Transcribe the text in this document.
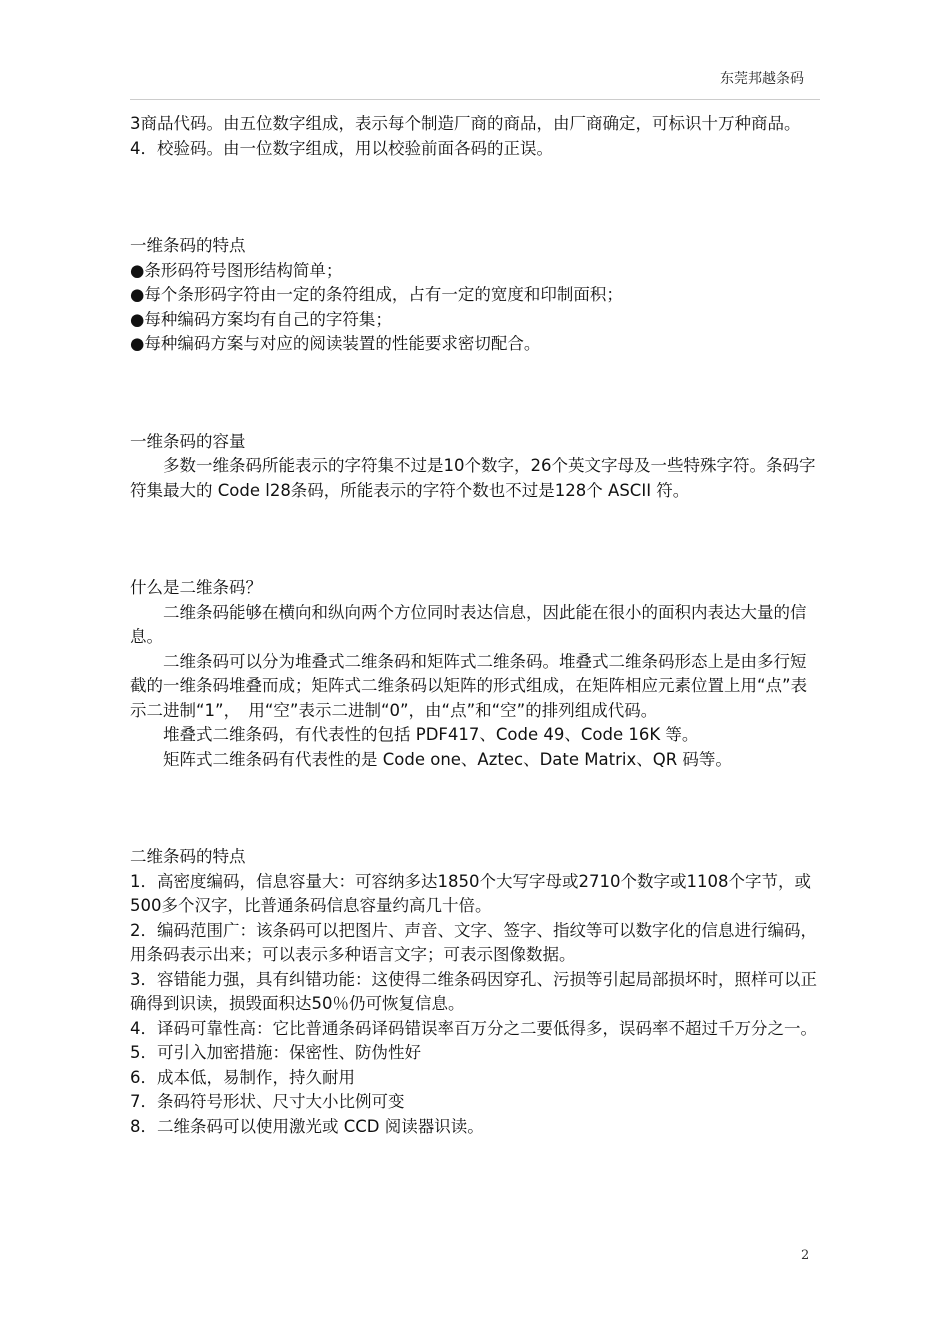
东莞邦越条码

3商品代码。由五位数字组成，表示每个制造厂商的商品，由厂商确定，可标识十万种商品。

4．校验码。由一位数字组成，用以校验前面各码的正误。

一维条码的特点

●条形码符号图形结构简单；

●每个条形码字符由一定的条符组成，占有一定的宽度和印制面积；

●每种编码方案均有自己的字符集；

●每种编码方案与对应的阅读装置的性能要求密切配合。

一维条码的容量

多数一维条码所能表示的字符集不过是10个数字，26个英文字母及一些特殊字符。条码字符集最大的 Code l28条码，所能表示的字符个数也不过是128个 ASCII 符。

什么是二维条码？

二维条码能够在横向和纵向两个方位同时表达信息，因此能在很小的面积内表达大量的信息。

二维条码可以分为堆叠式二维条码和矩阵式二维条码。堆叠式二维条码形态上是由多行短截的一维条码堆叠而成；矩阵式二维条码以矩阵的形式组成，在矩阵相应元素位置上用“点”表示二进制“1”，　用“空”表示二进制“0”，由“点”和“空”的排列组成代码。

堆叠式二维条码，有代表性的包括 PDF417、Code 49、Code 16K 等。

矩阵式二维条码有代表性的是 Code one、Aztec、Date Matrix、QR 码等。

二维条码的特点

1．高密度编码，信息容量大：可容纳多达1850个大写字母或2710个数字或1108个字节，或500多个汉字，比普通条码信息容量约高几十倍。

2．编码范围广：该条码可以把图片、声音、文字、签字、指纹等可以数字化的信息进行编码，用条码表示出来；可以表示多种语言文字；可表示图像数据。

3．容错能力强，具有纠错功能：这使得二维条码因穿孔、污损等引起局部损坏时，照样可以正确得到识读，损毁面积达50％仍可恢复信息。

4．译码可靠性高：它比普通条码译码错误率百万分之二要低得多，误码率不超过千万分之一。

5．可引入加密措施：保密性、防伪性好

6．成本低，易制作，持久耐用

7．条码符号形状、尺寸大小比例可变

8．二维条码可以使用激光或 CCD 阅读器识读。

2
